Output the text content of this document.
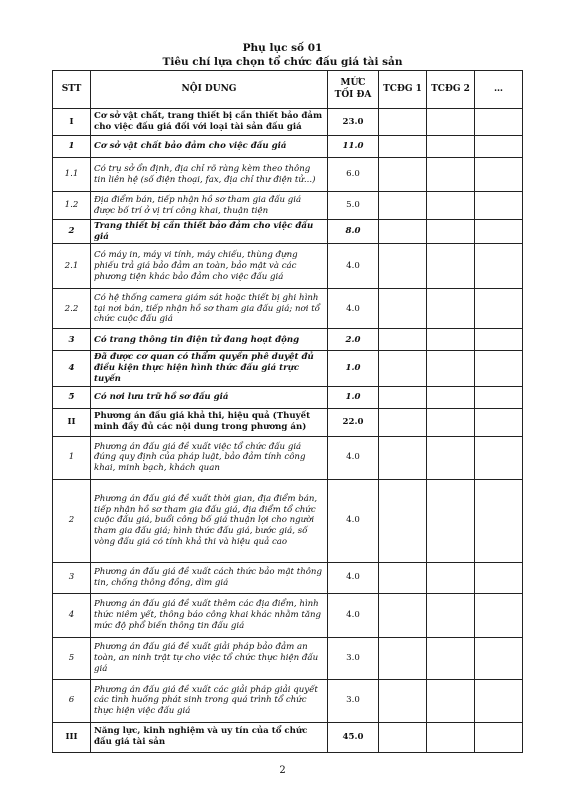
Phụ lục số 01
Tiêu chí lựa chọn tổ chức đấu giá tài sản
STT	NỘI DUNG	MỨC TỐI ĐA	TCĐG 1	TCĐG 2	…
I	Cơ sở vật chất, trang thiết bị cần thiết bảo đảm cho việc đấu giá đối với loại tài sản đấu giá	23.0			
1	Cơ sở vật chất bảo đảm cho việc đấu giá	11.0			
1.1	Có trụ sở ổn định, địa chỉ rõ ràng kèm theo thông tin liên hệ (số điện thoại, fax, địa chỉ thư điện tử...)	6.0			
1.2	Địa điểm bán, tiếp nhận hồ sơ tham gia đấu giá được bố trí ở vị trí công khai, thuận tiện	5.0			
2	Trang thiết bị cần thiết bảo đảm cho việc đấu giá	8.0			
2.1	Có máy in, máy vi tính, máy chiếu, thùng đựng phiếu trả giá bảo đảm an toàn, bảo mật và các phương tiện khác bảo đảm cho việc đấu giá	4.0			
2.2	Có hệ thống camera giám sát hoặc thiết bị ghi hình tại nơi bán, tiếp nhận hồ sơ tham gia đấu giá; nơi tổ chức cuộc đấu giá	4.0			
3	Có trang thông tin điện tử đang hoạt động	2.0			
4	Đã được cơ quan có thẩm quyền phê duyệt đủ điều kiện thực hiện hình thức đấu giá trực tuyến	1.0			
5	Có nơi lưu trữ hồ sơ đấu giá	1.0			
II	Phương án đấu giá khả thi, hiệu quả (Thuyết minh đầy đủ các nội dung trong phương án)	22.0			
1	Phương án đấu giá đề xuất việc tổ chức đấu giá đúng quy định của pháp luật, bảo đảm tính công khai, minh bạch, khách quan	4.0			
2	Phương án đấu giá đề xuất thời gian, địa điểm bán, tiếp nhận hồ sơ tham gia đấu giá, địa điểm tổ chức cuộc đấu giá, buổi công bố giá thuận lợi cho người tham gia đấu giá; hình thức đấu giá, bước giá, số vòng đấu giá có tính khả thi và hiệu quả cao	4.0			
3	Phương án đấu giá đề xuất cách thức bảo mật thông tin, chống thông đồng, dìm giá	4.0			
4	Phương án đấu giá đề xuất thêm các địa điểm, hình thức niêm yết, thông báo công khai khác nhằm tăng mức độ phổ biến thông tin đấu giá	4.0			
5	Phương án đấu giá đề xuất giải pháp bảo đảm an toàn, an ninh trật tự cho việc tổ chức thực hiện đấu giá	3.0			
6	Phương án đấu giá đề xuất các giải pháp giải quyết các tình huống phát sinh trong quá trình tổ chức thực hiện việc đấu giá	3.0			
III	Năng lực, kinh nghiệm và uy tín của tổ chức đấu giá tài sản	45.0			
2
